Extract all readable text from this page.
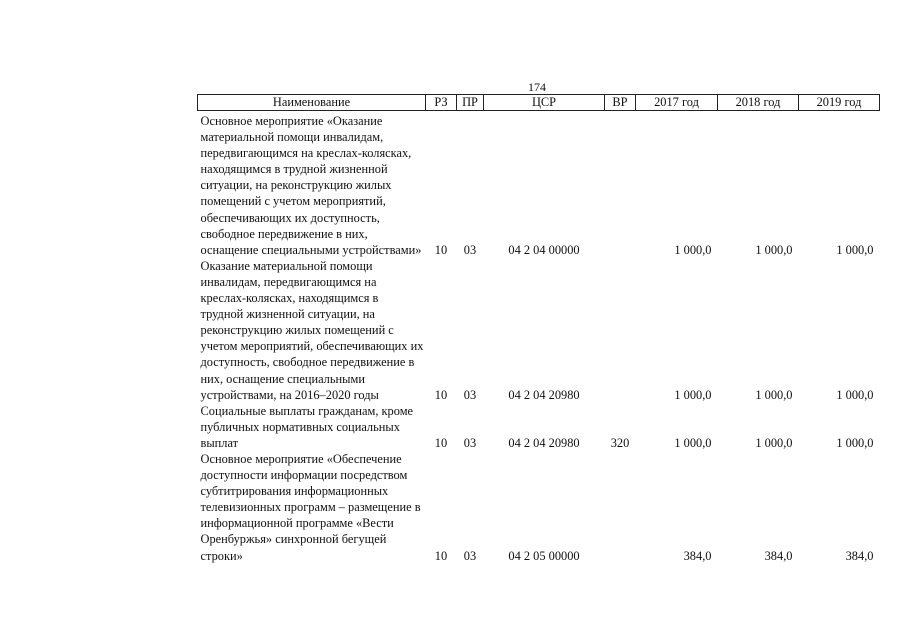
174
Наименование	РЗ	ПР	ЦСР	ВР	2017 год	2018 год	2019 год
Основное мероприятие «Оказание материальной помощи инвалидам, передвигающимся на креслах-колясках, находящимся в трудной жизненной ситуации, на реконструкцию жилых помещений с учетом мероприятий, обеспечивающих их доступность, свободное передвижение в них, оснащение специальными устройствами»	10	03	04 2 04 00000		1 000,0	1 000,0	1 000,0
Оказание материальной помощи инвалидам, передвигающимся на креслах-колясках, находящимся в трудной жизненной ситуации, на реконструкцию жилых помещений с учетом мероприятий, обеспечивающих их доступность, свободное передвижение в них, оснащение специальными устройствами, на 2016–2020 годы	10	03	04 2 04 20980		1 000,0	1 000,0	1 000,0
Социальные выплаты гражданам, кроме публичных нормативных социальных выплат	10	03	04 2 04 20980	320	1 000,0	1 000,0	1 000,0
Основное мероприятие «Обеспечение доступности информации посредством субтитрирования информационных телевизионных программ – размещение в информационной программе «Вести Оренбуржья» синхронной бегущей строки»	10	03	04 2 05 00000		384,0	384,0	384,0
